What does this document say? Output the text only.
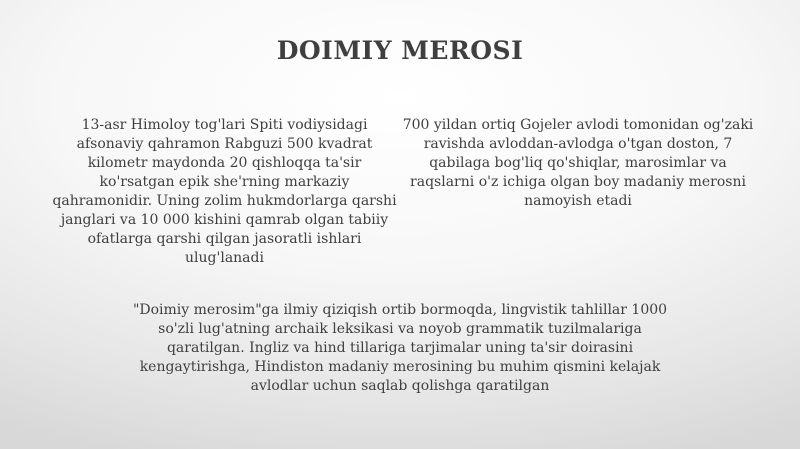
DOIMIY MEROSI

13-asr Himoloy tog'lari Spiti vodiysidagi afsonaviy qahramon Rabguzi 500 kvadrat kilometr maydonda 20 qishloqqa ta'sir ko'rsatgan epik she'rning markaziy qahramonidir. Uning zolim hukmdorlarga qarshi janglari va 10 000 kishini qamrab olgan tabiiy ofatlarga qarshi qilgan jasoratli ishlari ulug'lanadi

700 yildan ortiq Gojeler avlodi tomonidan og'zaki ravishda avloddan-avlodga o'tgan doston, 7 qabilaga bog'liq qo'shiqlar, marosimlar va raqslarni o'z ichiga olgan boy madaniy merosni namoyish etadi

"Doimiy merosim"ga ilmiy qiziqish ortib bormoqda, lingvistik tahlillar 1000 so'zli lug'atning archaik leksikasi va noyob grammatik tuzilmalariga qaratilgan. Ingliz va hind tillariga tarjimalar uning ta'sir doirasini kengaytirishga, Hindiston madaniy merosining bu muhim qismini kelajak avlodlar uchun saqlab qolishga qaratilgan
